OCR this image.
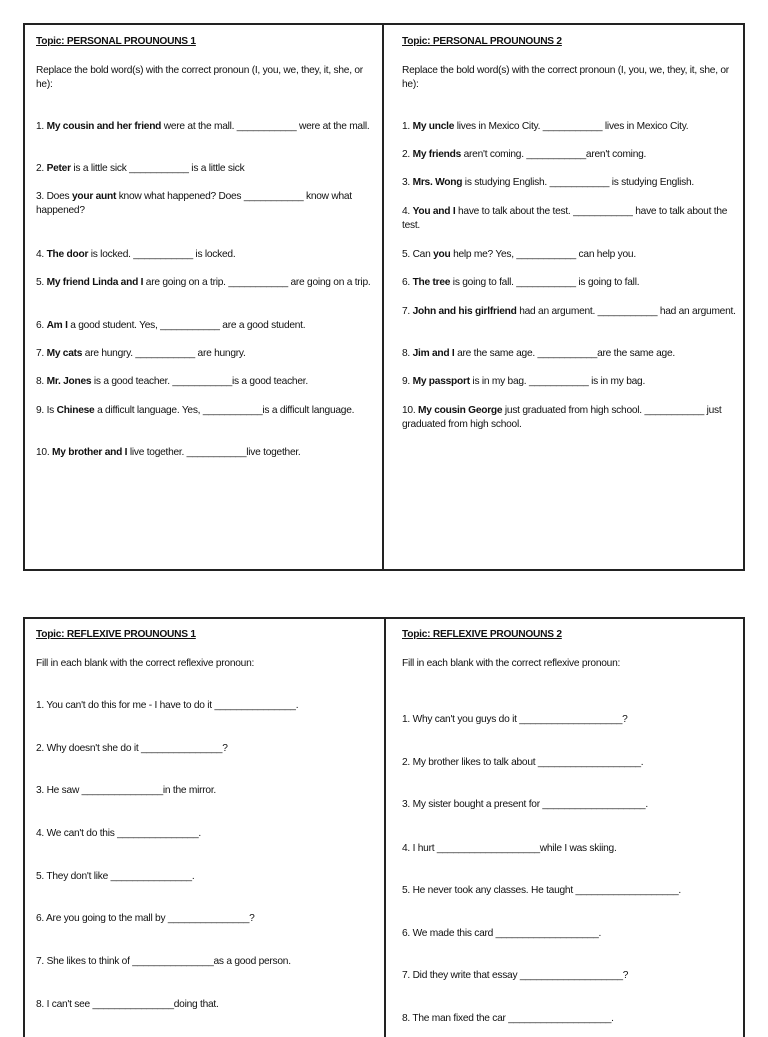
Topic: PERSONAL PROUNOUNS 1
Replace the bold word(s) with the correct pronoun (I, you, we, they, it, she, or he):
1. My cousin and her friend were at the mall. ___________ were at the mall.
2. Peter is a little sick ___________ is a little sick
3. Does your aunt know what happened? Does ___________ know what happened?
4. The door is locked. ___________ is locked.
5. My friend Linda and I are going on a trip. ___________ are going on a trip.
6. Am I a good student. Yes, ___________ are a good student.
7. My cats are hungry. ___________ are hungry.
8. Mr. Jones is a good teacher. ___________is a good teacher.
9. Is Chinese a difficult language. Yes, ___________is a difficult language.
10. My brother and I live together. ___________live together.
Topic: PERSONAL PROUNOUNS 2
Replace the bold word(s) with the correct pronoun (I, you, we, they, it, she, or he):
1. My uncle lives in Mexico City. ___________ lives in Mexico City.
2. My friends aren't coming. ___________aren't coming.
3. Mrs. Wong is studying English. ___________ is studying English.
4. You and I have to talk about the test. ___________ have to talk about the test.
5. Can you help me? Yes, ___________ can help you.
6. The tree is going to fall. ___________ is going to fall.
7. John and his girlfriend had an argument. ___________ had an argument.
8. Jim and I are the same age. ___________are the same age.
9. My passport is in my bag. ___________ is in my bag.
10. My cousin George just graduated from high school. ___________ just graduated from high school.
Topic: REFLEXIVE PROUNOUNS 1
Fill in each blank with the correct reflexive pronoun:
1. You can't do this for me - I have to do it _______________.
2. Why doesn't she do it _______________?
3. He saw _______________in the mirror.
4. We can't do this _______________.
5. They don't like _______________.
6. Are you going to the mall by _______________?
7. She likes to think of _______________as a good person.
8. I can't see _______________doing that.
Topic: REFLEXIVE PROUNOUNS 2
Fill in each blank with the correct reflexive pronoun:
1. Why can't you guys do it ___________________?
2. My brother likes to talk about ___________________.
3. My sister bought a present for ___________________.
4. I hurt ___________________while I was skiing.
5. He never took any classes. He taught ___________________.
6. We made this card ___________________.
7. Did they write that essay ___________________?
8. The man fixed the car ___________________.
